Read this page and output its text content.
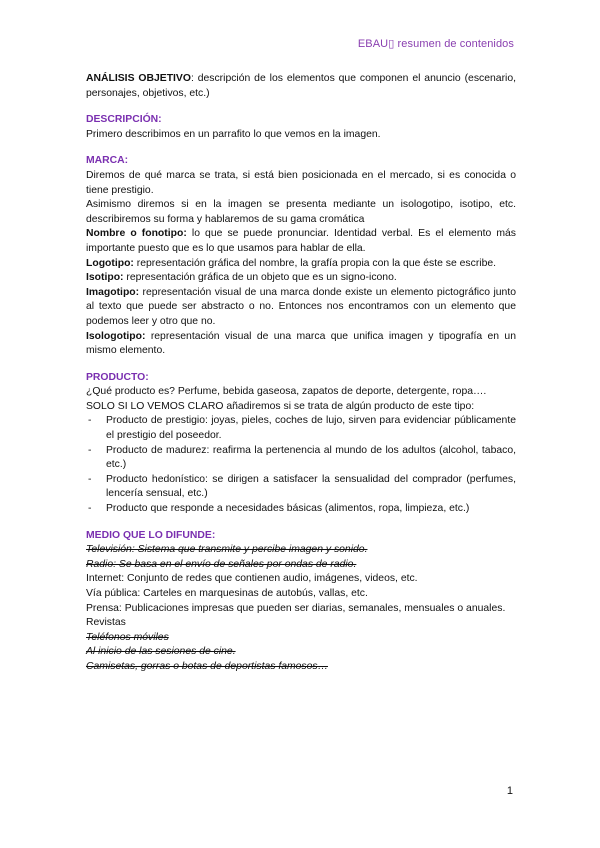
EBAU▯ resumen de contenidos

ANÁLISIS OBJETIVO: descripción de los elementos que componen el anuncio (escenario, personajes, objetivos, etc.)

DESCRIPCIÓN:

Primero describimos en un parrafito lo que vemos en la imagen.

MARCA:

Diremos de qué marca se trata, si está bien posicionada en el mercado, si es conocida o tiene prestigio.

Asimismo diremos si en la imagen se presenta mediante un isologotipo, isotipo, etc. describiremos su forma y hablaremos de su gama cromática

Nombre o fonotipo: lo que se puede pronunciar. Identidad verbal. Es el elemento más importante puesto que es lo que usamos para hablar de ella.

Logotipo: representación gráfica del nombre, la grafía propia con la que éste se escribe.

Isotipo: representación gráfica de un objeto que es un signo-icono.

Imagotipo: representación visual de una marca donde existe un elemento pictográfico junto al texto que puede ser abstracto o no. Entonces nos encontramos con un elemento que podemos leer y otro que no.

Isologotipo: representación visual de una marca que unifica imagen y tipografía en un mismo elemento.

PRODUCTO:

¿Qué producto es? Perfume, bebida gaseosa, zapatos de deporte, detergente, ropa….

SOLO SI LO VEMOS CLARO añadiremos si se trata de algún producto de este tipo:

- Producto de prestigio: joyas, pieles, coches de lujo, sirven para evidenciar públicamente el prestigio del poseedor.
- Producto de madurez: reafirma la pertenencia al mundo de los adultos (alcohol, tabaco, etc.)
- Producto hedonístico: se dirigen a satisfacer la sensualidad del comprador (perfumes, lencería sensual, etc.)
- Producto que responde a necesidades básicas (alimentos, ropa, limpieza, etc.)

MEDIO QUE LO DIFUNDE:

Televisión: Sistema que transmite y percibe imagen y sonido.

Radio: Se basa en el envío de señales por ondas de radio.

Internet: Conjunto de redes que contienen audio, imágenes, videos, etc.

Vía pública: Carteles en marquesinas de autobús, vallas, etc.

Prensa: Publicaciones impresas que pueden ser diarias, semanales, mensuales o anuales.

Revistas

Teléfonos móviles

Al inicio de las sesiones de cine.

Camisetas, gorras o botas de deportistas famosos…

1
